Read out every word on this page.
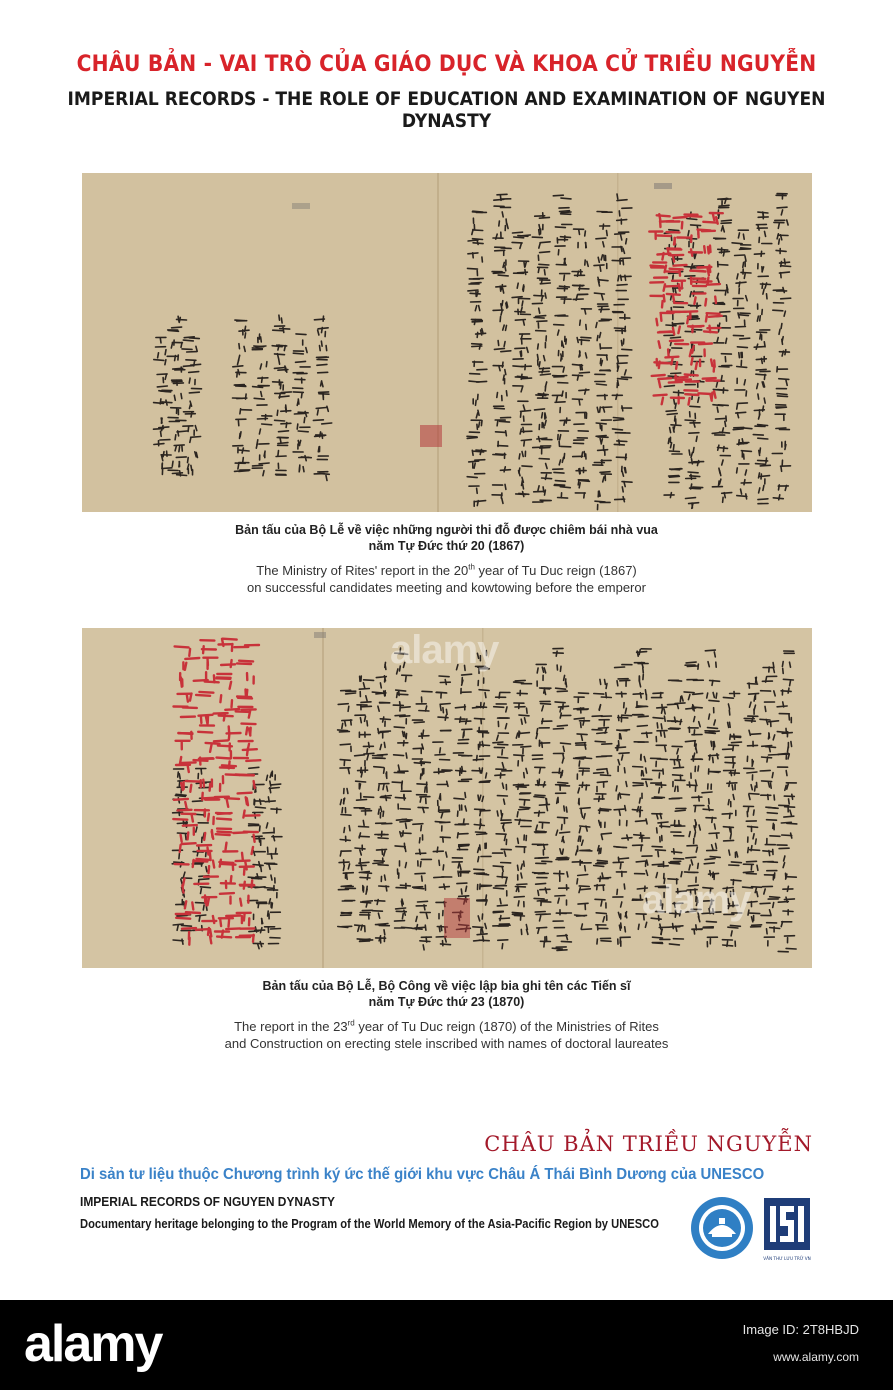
CHÂU BẢN - VAI TRÒ CỦA GIÁO DỤC VÀ KHOA CỬ TRIỀU NGUYỄN
IMPERIAL RECORDS - THE ROLE OF EDUCATION AND EXAMINATION OF NGUYEN DYNASTY
Bản tấu của Bộ Lễ về việc những người thi đỗ được chiêm bái nhà vua
năm Tự Đức thứ 20 (1867)
The Ministry of Rites' report in the 20th year of Tu Duc reign (1867)
on successful candidates meeting and kowtowing before the emperor
alamy
alamy
Bản tấu của Bộ Lễ, Bộ Công về việc lập bia ghi tên các Tiến sĩ
năm Tự Đức thứ 23 (1870)
The report in the 23rd year of Tu Duc reign (1870) of the Ministries of Rites
and Construction on erecting stele inscribed with names of doctoral laureates
CHÂU BẢN TRIỀU NGUYỄN
Di sản tư liệu thuộc Chương trình ký ức thế giới khu vực Châu Á Thái Bình Dương của UNESCO
IMPERIAL RECORDS OF NGUYEN DYNASTY
Documentary heritage belonging to the Program of the World Memory of the Asia-Pacific Region by UNESCO
VĂN THƯ LƯU TRỮ VN
alamy	Image ID: 2T8HBJD
www.alamy.com
